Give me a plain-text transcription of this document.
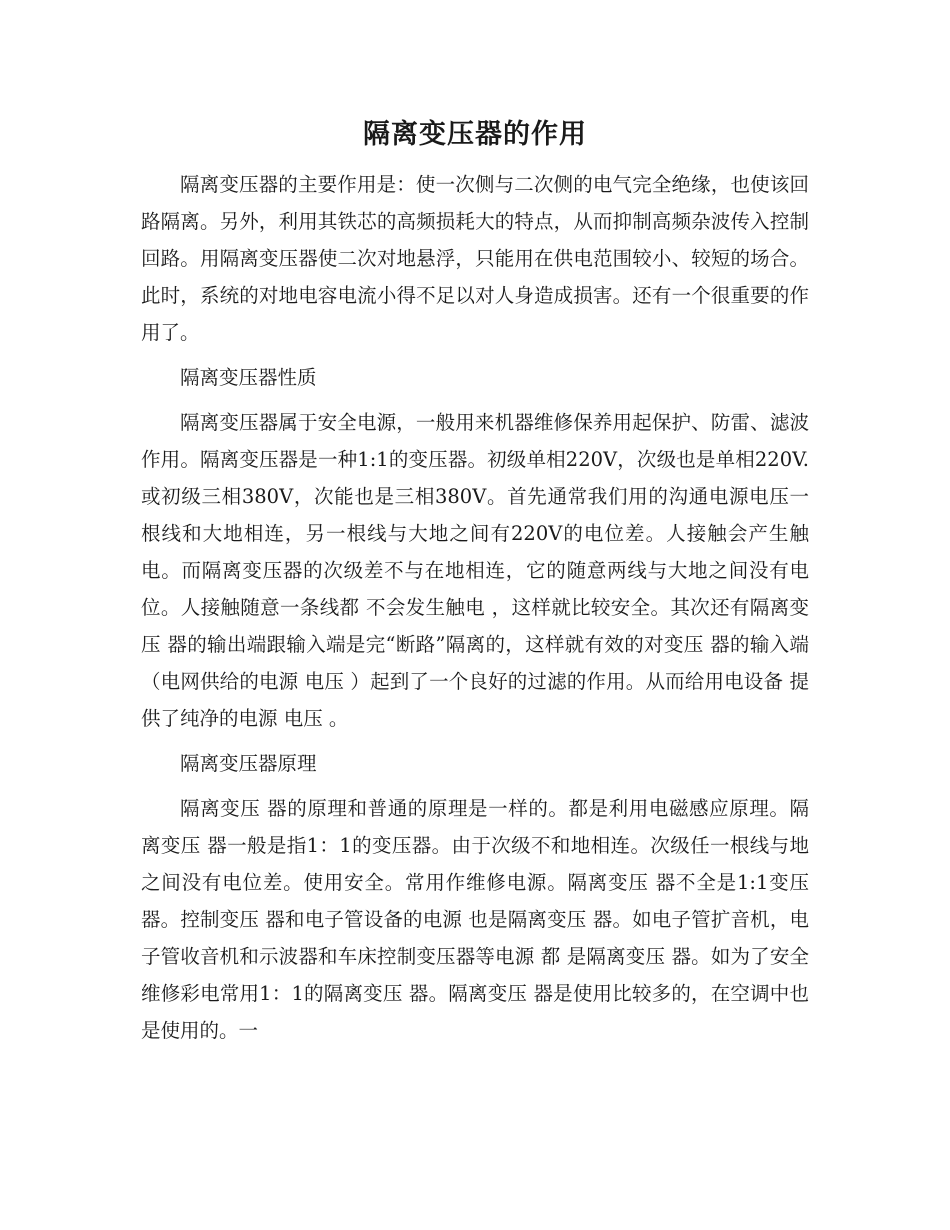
隔离变压器的作用

隔离变压器的主要作用是：使一次侧与二次侧的电气完全绝缘，也使该回路隔离。另外，利用其铁芯的高频损耗大的特点，从而抑制高频杂波传入控制回路。用隔离变压器使二次对地悬浮，只能用在供电范围较小、较短的场合。此时，系统的对地电容电流小得不足以对人身造成损害。还有一个很重要的作用了。

隔离变压器性质

隔离变压器属于安全电源，一般用来机器维修保养用起保护、防雷、滤波作用。隔离变压器是一种1:1的变压器。初级单相220V，次级也是单相220V.或初级三相380V，次能也是三相380V。首先通常我们用的沟通电源电压一根线和大地相连，另一根线与大地之间有220V的电位差。人接触会产生触电。而隔离变压器的次级差不与在地相连，它的随意两线与大地之间没有电位。人接触随意一条线都 不会发生触电 ，这样就比较安全。其次还有隔离变压 器的输出端跟输入端是完“断路”隔离的，这样就有效的对变压 器的输入端（电网供给的电源 电压 ）起到了一个良好的过滤的作用。从而给用电设备 提供了纯净的电源 电压 。

隔离变压器原理

隔离变压 器的原理和普通的原理是一样的。都是利用电磁感应原理。隔离变压 器一般是指1：1的变压器。由于次级不和地相连。次级任一根线与地之间没有电位差。使用安全。常用作维修电源。隔离变压 器不全是1:1变压器。控制变压 器和电子管设备的电源 也是隔离变压 器。如电子管扩音机，电子管收音机和示波器和车床控制变压器等电源 都 是隔离变压 器。如为了安全维修彩电常用1：1的隔离变压 器。隔离变压 器是使用比较多的，在空调中也是使用的。一
